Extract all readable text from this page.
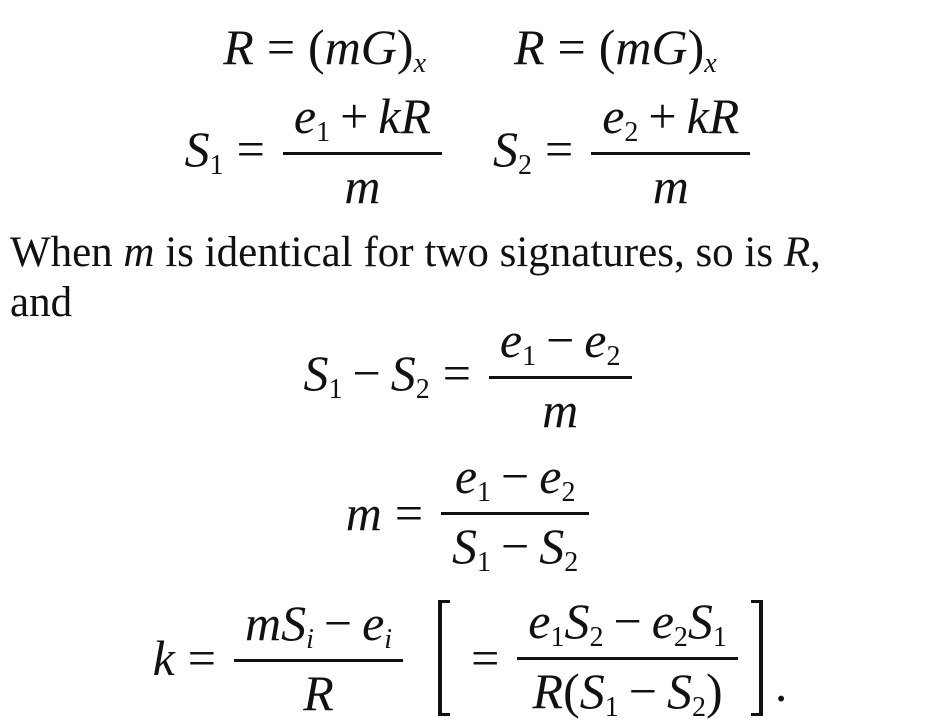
R = (mG)x R = (mG)x
$S1 = \frac{e1 + kR}{m} S2 = \frac{e2 + kR}{m}$
When m is identical for two signatures, so is R,
and
$S1 - S2 = \frac{e1 - e2}{m}$
$m = \frac{e1 - e2}{S1 - S2}$
$k = \frac{\text{mSi − ei}}{R} = \frac{e1S2 - e2S1}{R(S1 - S2)}$ .
